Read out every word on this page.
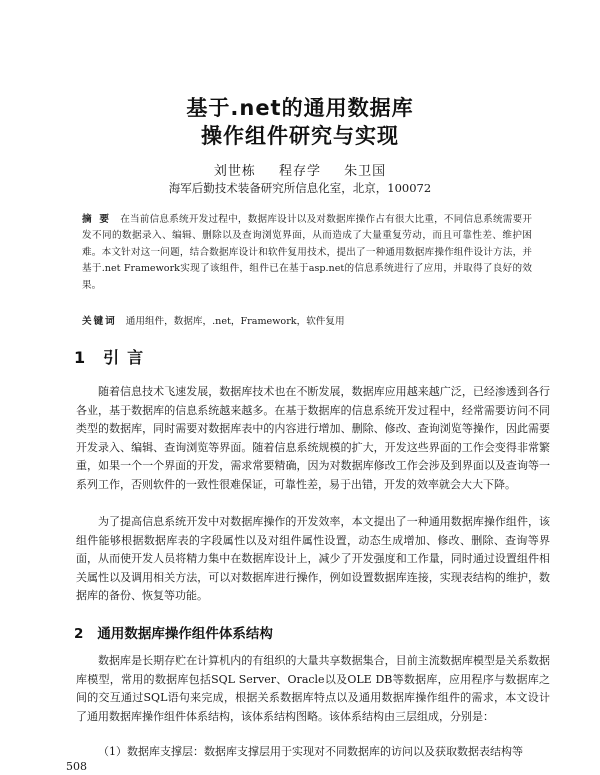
基于.net的通用数据库
操作组件研究与实现
刘世栋 程存学 朱卫国
海军后勤技术装备研究所信息化室，北京，100072
摘 要 在当前信息系统开发过程中，数据库设计以及对数据库操作占有很大比重，不同信息系统需要开发不同的数据录入、编辑、删除以及查询浏览界面，从而造成了大量重复劳动，而且可靠性差、维护困难。本文针对这一问题，结合数据库设计和软件复用技术，提出了一种通用数据库操作组件设计方法，并基于.net Framework实现了该组件，组件已在基于asp.net的信息系统进行了应用，并取得了良好的效果。
关键词 通用组件，数据库，.net，Framework，软件复用
1 引言
随着信息技术飞速发展，数据库技术也在不断发展，数据库应用越来越广泛，已经渗透到各行各业，基于数据库的信息系统越来越多。在基于数据库的信息系统开发过程中，经常需要访问不同类型的数据库，同时需要对数据库表中的内容进行增加、删除、修改、查询浏览等操作，因此需要开发录入、编辑、查询浏览等界面。随着信息系统规模的扩大，开发这些界面的工作会变得非常繁重，如果一个一个界面的开发，需求常要精确，因为对数据库修改工作会涉及到界面以及查询等一系列工作，否则软件的一致性很难保证，可靠性差，易于出错，开发的效率就会大大下降。
为了提高信息系统开发中对数据库操作的开发效率，本文提出了一种通用数据库操作组件，该组件能够根据数据库表的字段属性以及对组件属性设置，动态生成增加、修改、删除、查询等界面，从而使开发人员将精力集中在数据库设计上，减少了开发强度和工作量，同时通过设置组件相关属性以及调用相关方法，可以对数据库进行操作，例如设置数据库连接，实现表结构的维护，数据库的备份、恢复等功能。
2 通用数据库操作组件体系结构
数据库是长期存贮在计算机内的有组织的大量共享数据集合，目前主流数据库模型是关系数据库模型，常用的数据库包括SQL Server、Oracle以及OLE DB等数据库，应用程序与数据库之间的交互通过SQL语句来完成，根据关系数据库特点以及通用数据库操作组件的需求，本文设计了通用数据库操作组件体系结构，该体系结构图略。该体系结构由三层组成，分别是：
（1）数据库支撑层：数据库支撑层用于实现对不同数据库的访问以及获取数据表结构等
508
